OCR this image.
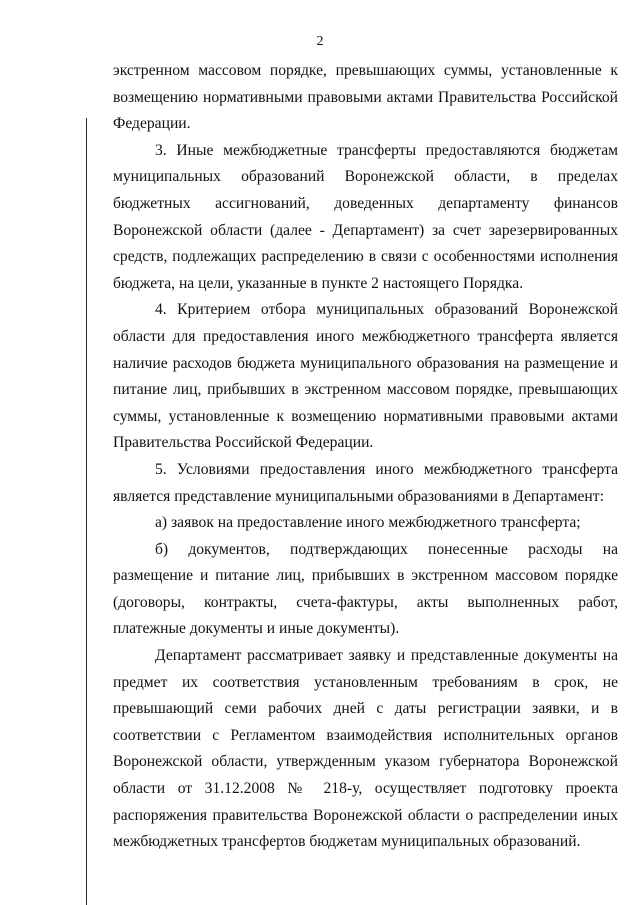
2

экстренном массовом порядке, превышающих суммы, установленные к возмещению нормативными правовыми актами Правительства Российской Федерации.

3. Иные межбюджетные трансферты предоставляются бюджетам муниципальных образований Воронежской области, в пределах бюджетных ассигнований, доведенных департаменту финансов Воронежской области (далее - Департамент) за счет зарезервированных средств, подлежащих распределению в связи с особенностями исполнения бюджета, на цели, указанные в пункте 2 настоящего Порядка.

4. Критерием отбора муниципальных образований Воронежской области для предоставления иного межбюджетного трансферта является наличие расходов бюджета муниципального образования на размещение и питание лиц, прибывших в экстренном массовом порядке, превышающих суммы, установленные к возмещению нормативными правовыми актами Правительства Российской Федерации.

5. Условиями предоставления иного межбюджетного трансферта является представление муниципальными образованиями в Департамент:

а) заявок на предоставление иного межбюджетного трансферта;

б) документов, подтверждающих понесенные расходы на размещение и питание лиц, прибывших в экстренном массовом порядке (договоры, контракты, счета-фактуры, акты выполненных работ, платежные документы и иные документы).

Департамент рассматривает заявку и представленные документы на предмет их соответствия установленным требованиям в срок, не превышающий семи рабочих дней с даты регистрации заявки, и в соответствии с Регламентом взаимодействия исполнительных органов Воронежской области, утвержденным указом губернатора Воронежской области от 31.12.2008 № 218-у, осуществляет подготовку проекта распоряжения правительства Воронежской области о распределении иных межбюджетных трансфертов бюджетам муниципальных образований.
